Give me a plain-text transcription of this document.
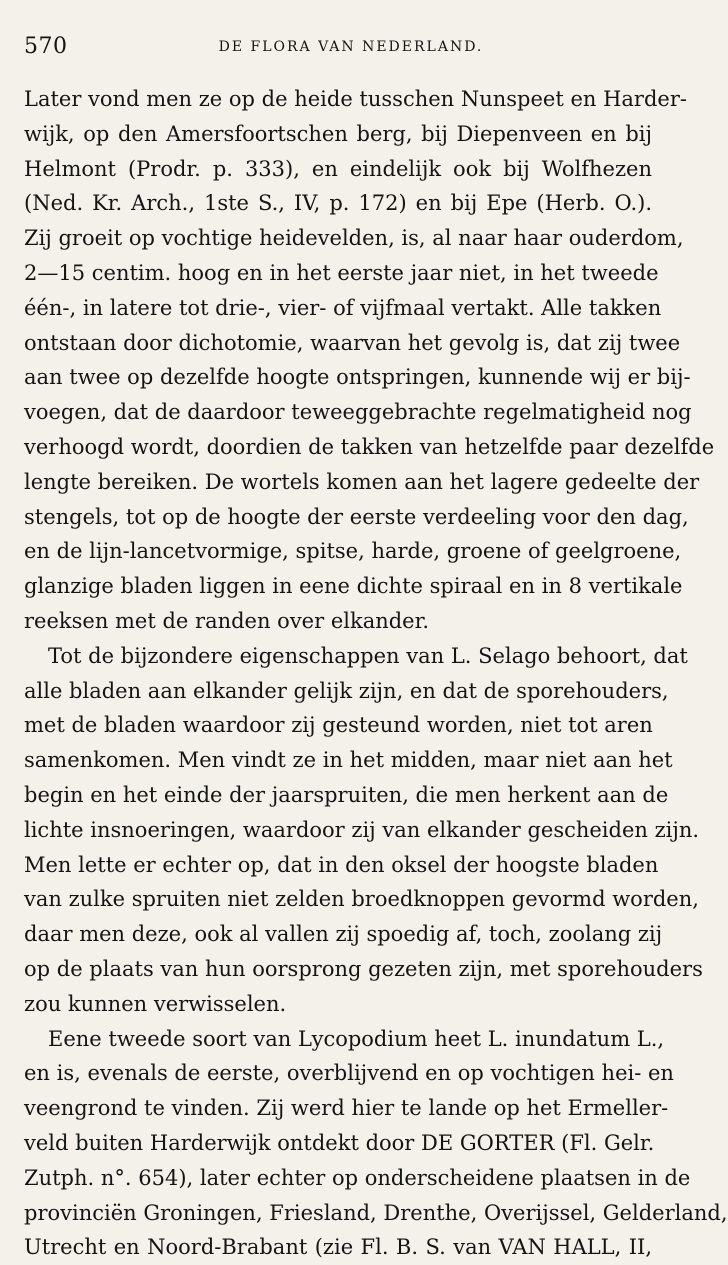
570	DE FLORA VAN NEDERLAND.
Later vond men ze op de heide tusschen Nunspeet en Harder-
wijk, op den Amersfoortschen berg, bij Diepenveen en bij
Helmont (Prodr. p. 333), en eindelijk ook bij Wolfhezen
(Ned. Kr. Arch., 1ste S., IV, p. 172) en bij Epe (Herb. O.).
Zij groeit op vochtige heidevelden, is, al naar haar ouderdom,
2—15 centim. hoog en in het eerste jaar niet, in het tweede
één-, in latere tot drie-, vier- of vijfmaal vertakt. Alle takken
ontstaan door dichotomie, waarvan het gevolg is, dat zij twee
aan twee op dezelfde hoogte ontspringen, kunnende wij er bij-
voegen, dat de daardoor teweeggebrachte regelmatigheid nog
verhoogd wordt, doordien de takken van hetzelfde paar dezelfde
lengte bereiken. De wortels komen aan het lagere gedeelte der
stengels, tot op de hoogte der eerste verdeeling voor den dag,
en de lijn-lancetvormige, spitse, harde, groene of geelgroene,
glanzige bladen liggen in eene dichte spiraal en in 8 vertikale
reeksen met de randen over elkander.
Tot de bijzondere eigenschappen van L. Selago behoort, dat
alle bladen aan elkander gelijk zijn, en dat de sporehouders,
met de bladen waardoor zij gesteund worden, niet tot aren
samenkomen. Men vindt ze in het midden, maar niet aan het
begin en het einde der jaarspruiten, die men herkent aan de
lichte insnoeringen, waardoor zij van elkander gescheiden zijn.
Men lette er echter op, dat in den oksel der hoogste bladen
van zulke spruiten niet zelden broedknoppen gevormd worden,
daar men deze, ook al vallen zij spoedig af, toch, zoolang zij
op de plaats van hun oorsprong gezeten zijn, met sporehouders
zou kunnen verwisselen.
Eene tweede soort van Lycopodium heet L. inundatum L.,
en is, evenals de eerste, overblijvend en op vochtigen hei- en
veengrond te vinden. Zij werd hier te lande op het Ermeller-
veld buiten Harderwijk ontdekt door DE GORTER (Fl. Gelr.
Zutph. n°. 654), later echter op onderscheidene plaatsen in de
provinciën Groningen, Friesland, Drenthe, Overijssel, Gelderland,
Utrecht en Noord-Brabant (zie Fl. B. S. van VAN HALL, II,
